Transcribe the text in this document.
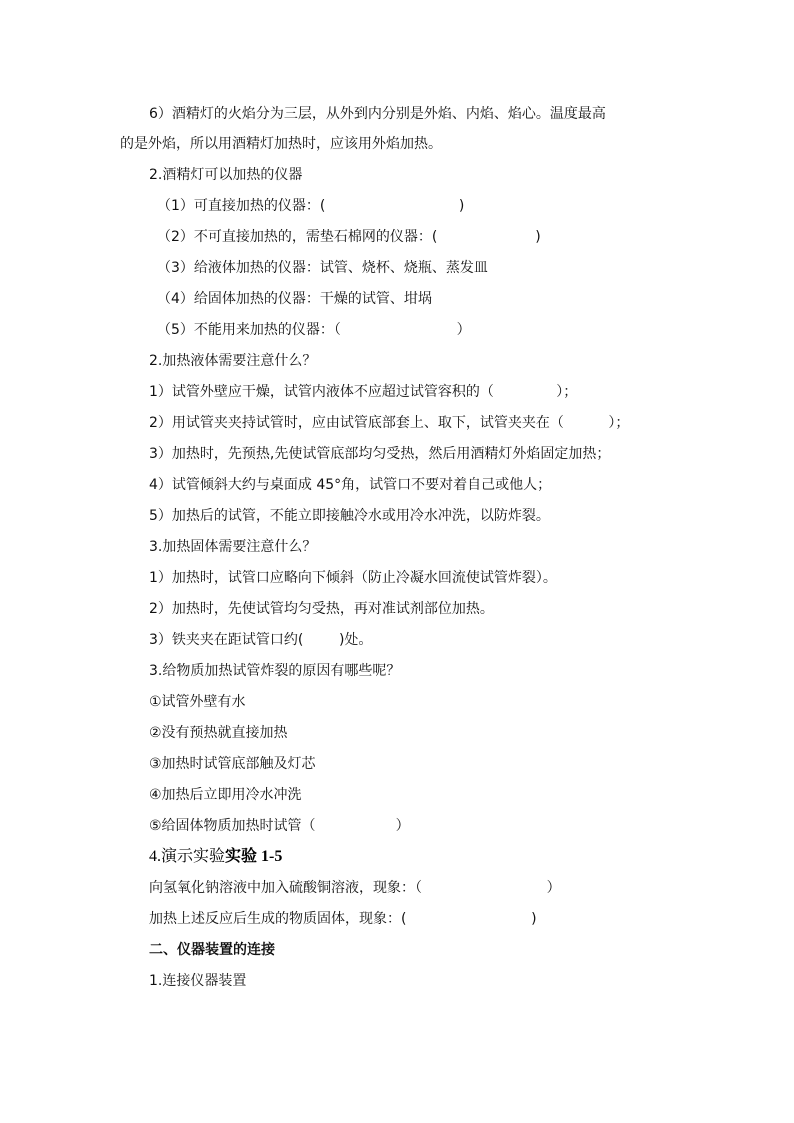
6）酒精灯的火焰分为三层，从外到内分别是外焰、内焰、焰心。温度最高
的是外焰，所以用酒精灯加热时，应该用外焰加热。
2.酒精灯可以加热的仪器
（1）可直接加热的仪器：(                              )
（2）不可直接加热的，需垫石棉网的仪器：(                      )
（3）给液体加热的仪器：试管、烧杯、烧瓶、蒸发皿
（4）给固体加热的仪器：干燥的试管、坩埚
（5）不能用来加热的仪器：（                          ）
2.加热液体需要注意什么？
1）试管外壁应干燥，试管内液体不应超过试管容积的（              ）；
2）用试管夹夹持试管时，应由试管底部套上、取下，试管夹夹在（          ）；
3）加热时，先预热,先使试管底部均匀受热，然后用酒精灯外焰固定加热；
4）试管倾斜大约与桌面成 45°角，试管口不要对着自己或他人；
5）加热后的试管，不能立即接触冷水或用冷水冲洗，以防炸裂。
3.加热固体需要注意什么？
1）加热时，试管口应略向下倾斜（防止冷凝水回流使试管炸裂）。
2）加热时，先使试管均匀受热，再对准试剂部位加热。
3）铁夹夹在距试管口约(        )处。
3.给物质加热试管炸裂的原因有哪些呢？
①试管外壁有水
②没有预热就直接加热
③加热时试管底部触及灯芯
④加热后立即用冷水冲洗
⑤给固体物质加热时试管（                  ）
向氢氧化钠溶液中加入硫酸铜溶液，现象：（                            ）
加热上述反应后生成的物质固体，现象：(                            )
二、仪器装置的连接
1.连接仪器装置
4.演示实验实验 1-5
